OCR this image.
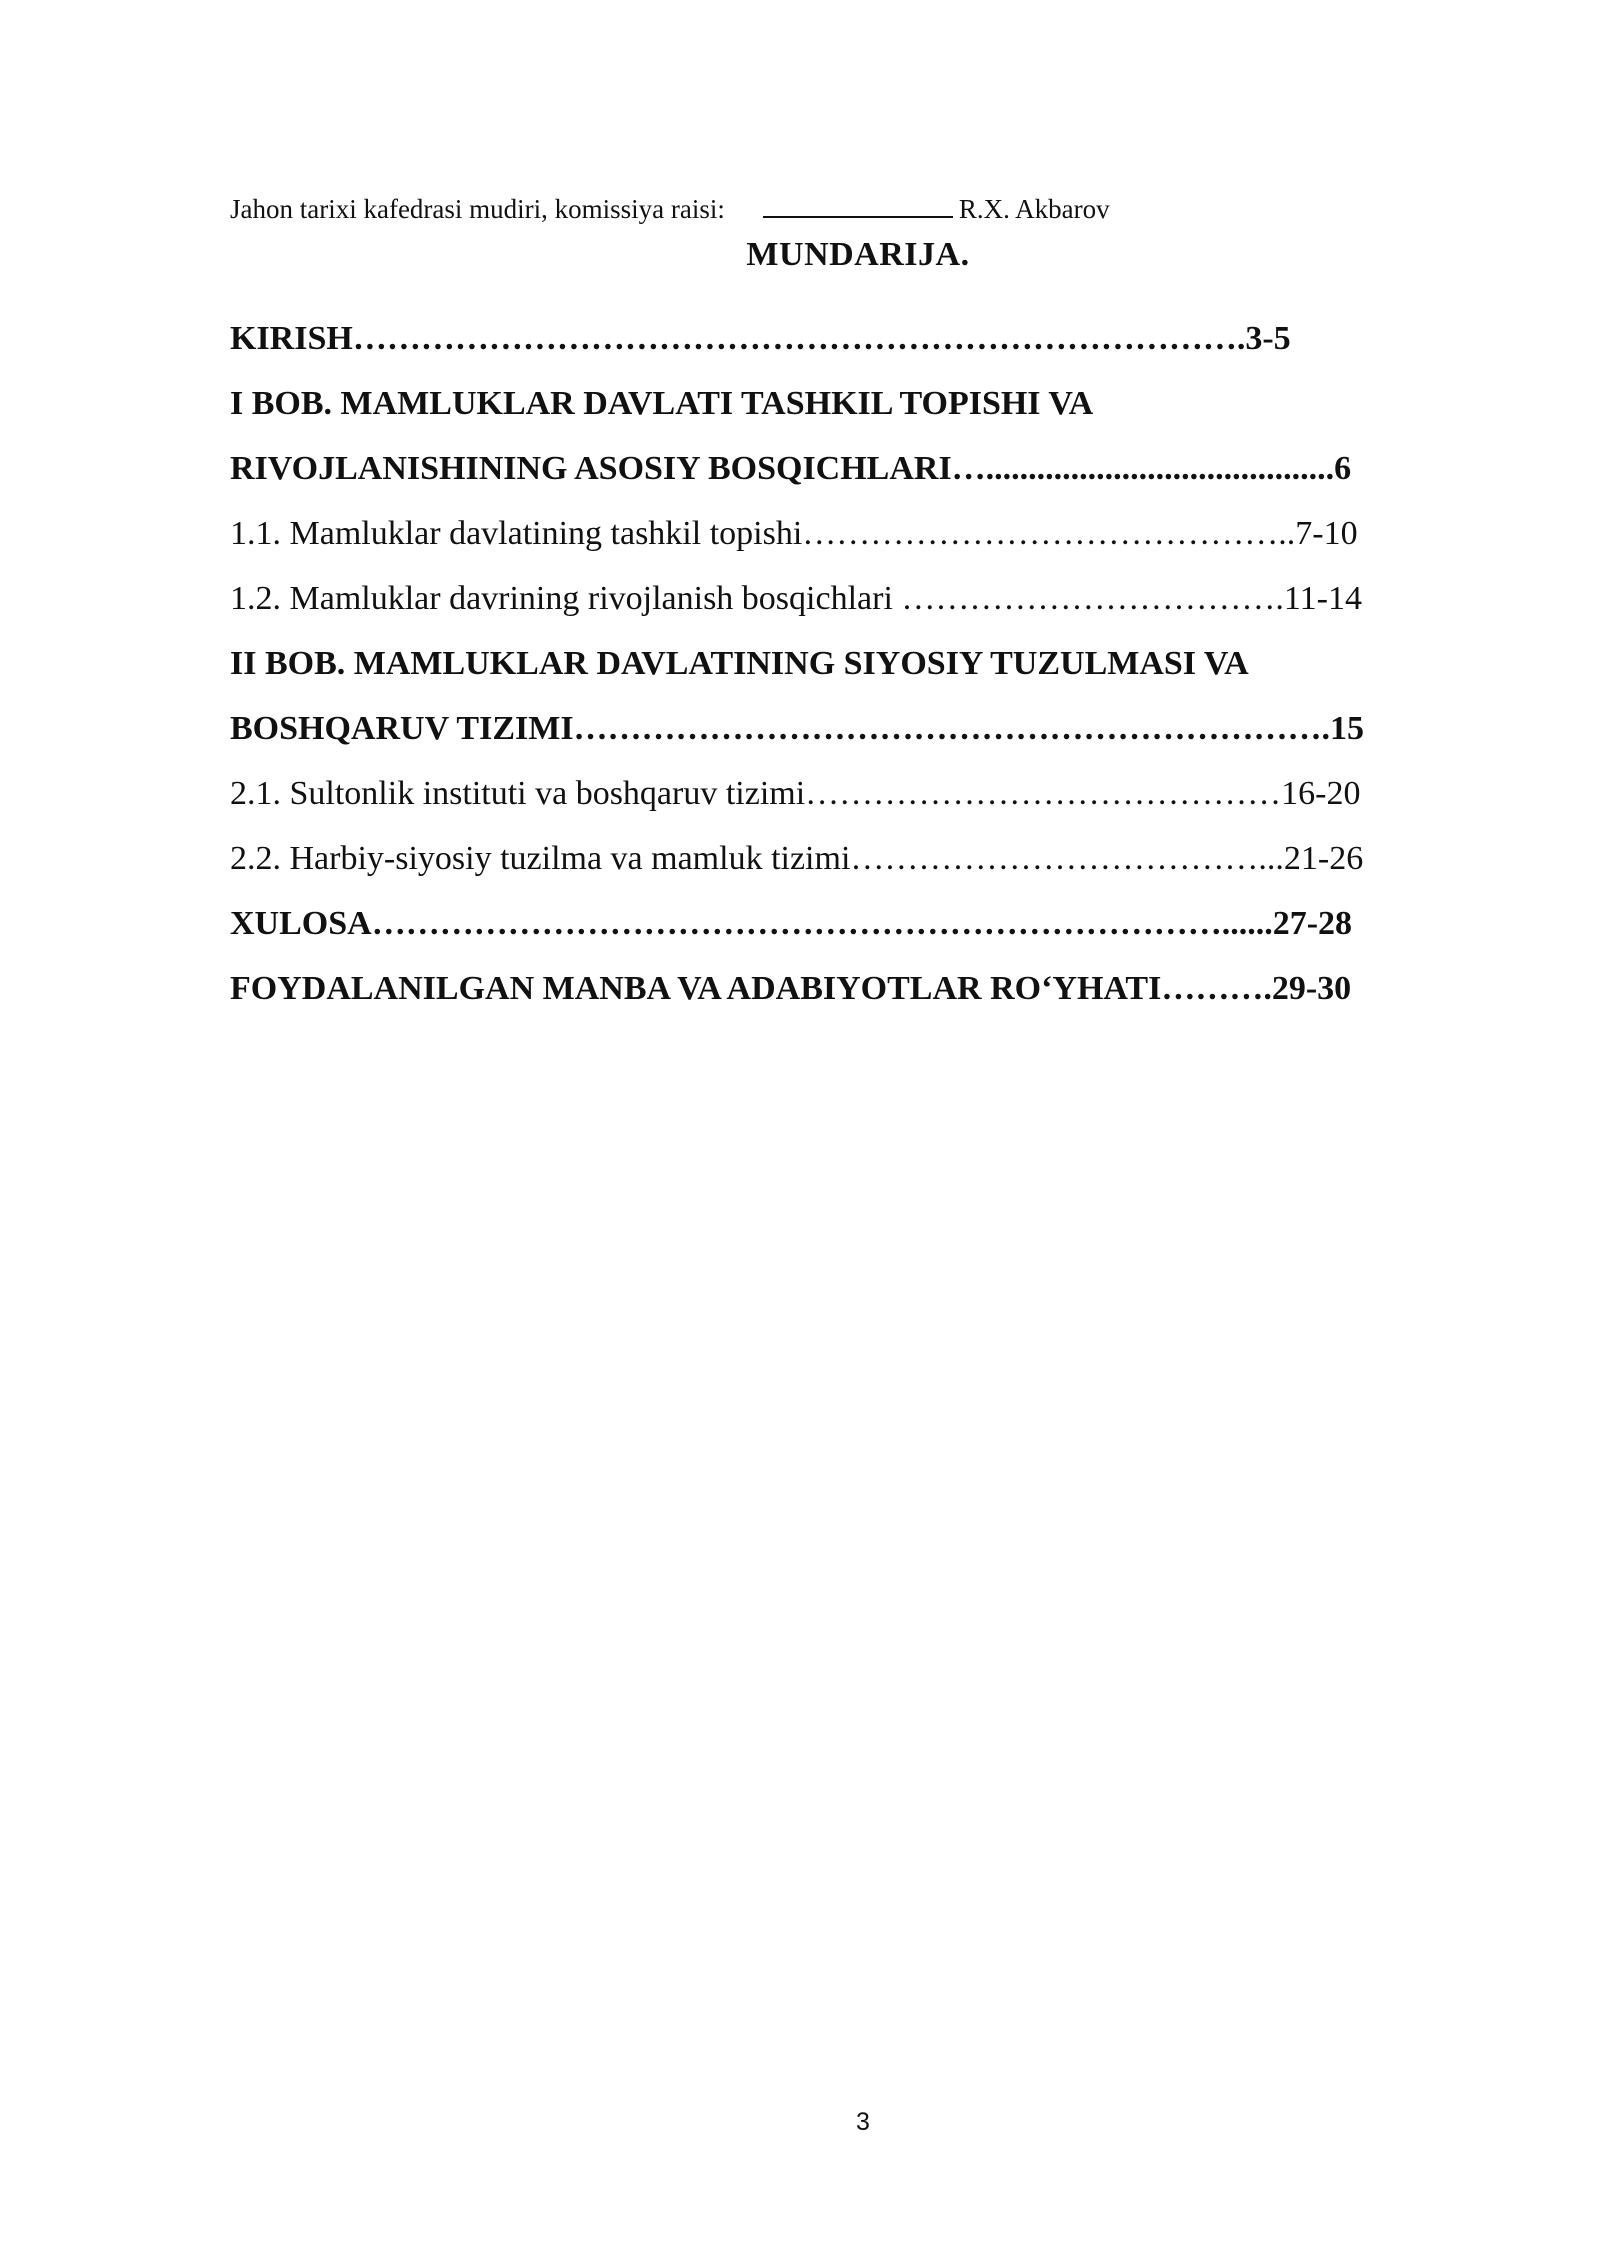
Jahon tarixi kafedrasi mudiri, komissiya raisi:	R.X. Akbarov
MUNDARIJA.
KIRISH…………………………………………………………………….3-5
I BOB. MAMLUKLAR DAVLATI TASHKIL TOPISHI VA
RIVOJLANISHINING ASOSIY BOSQICHLARI….........................................6
1.1. Mamluklar davlatining tashkil topishi……………………………………..7-10
1.2. Mamluklar davrining rivojlanish bosqichlari …………………………….11-14
II BOB. MAMLUKLAR DAVLATINING SIYOSIY TUZULMASI VA
BOSHQARUV TIZIMI………………………………………………………….15
2.1. Sultonlik instituti va boshqaruv tizimi……………………………………16-20
2.2. Harbiy-siyosiy tuzilma va mamluk tizimi………………………………...21-26
XULOSA…………………………………………………………………......27-28
FOYDALANILGAN MANBA VA ADABIYOTLAR RO‘YHATI……….29-30
3
